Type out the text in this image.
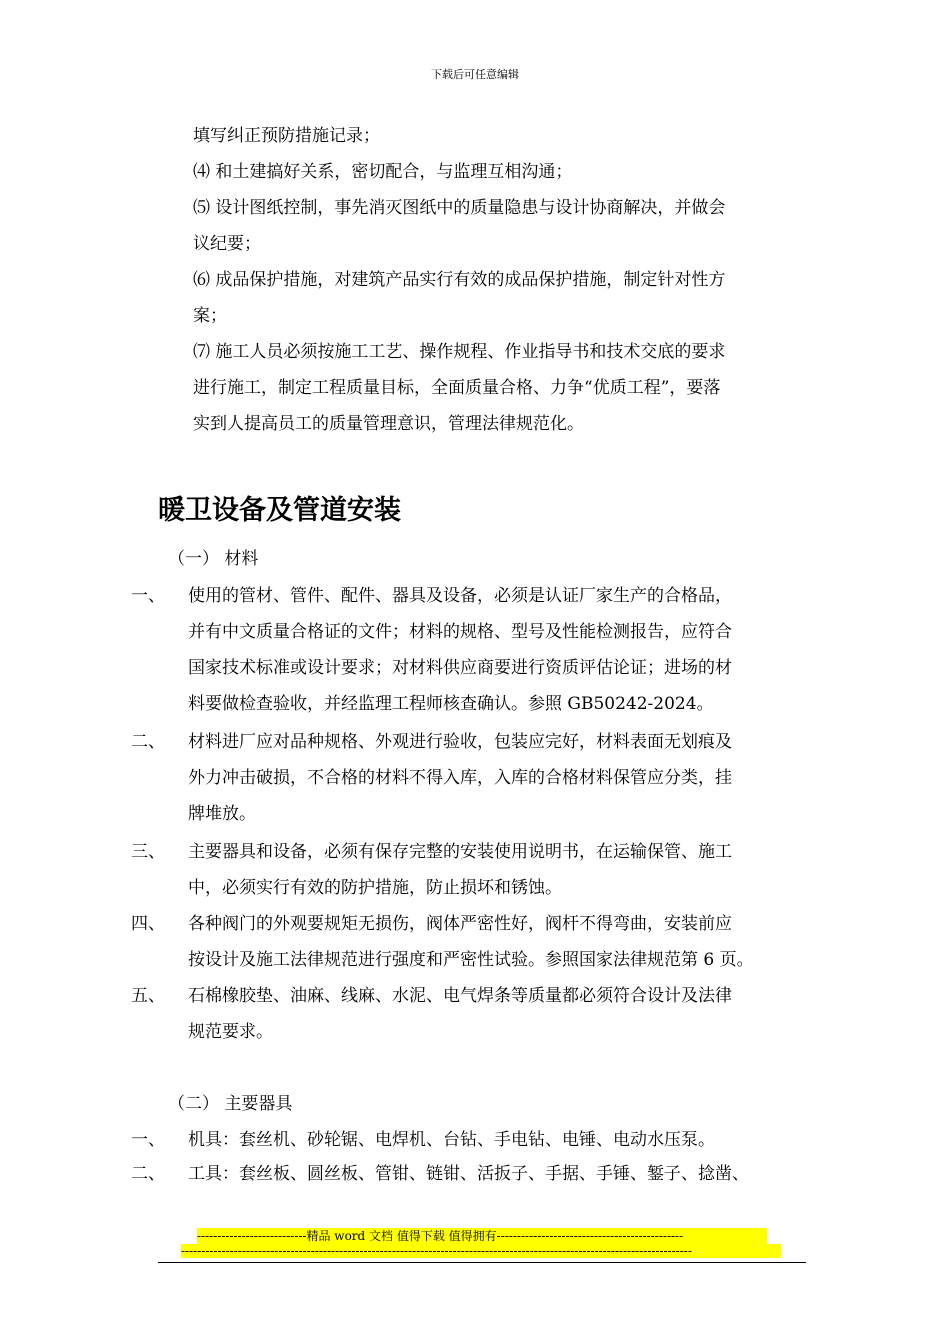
下载后可任意编辑
填写纠正预防措施记录；
⑷ 和土建搞好关系，密切配合，与监理互相沟通；
⑸ 设计图纸控制，事先消灭图纸中的质量隐患与设计协商解决，并做会
议纪要；
⑹ 成品保护措施，对建筑产品实行有效的成品保护措施，制定针对性方
案；
⑺ 施工人员必须按施工工艺、操作规程、作业指导书和技术交底的要求
进行施工，制定工程质量目标，全面质量合格、力争“优质工程”，要落
实到人提高员工的质量管理意识，管理法律规范化。
暖卫设备及管道安装
（一） 材料
一、 使用的管材、管件、配件、器具及设备，必须是认证厂家生产的合格品，
并有中文质量合格证的文件；材料的规格、型号及性能检测报告，应符合
国家技术标准或设计要求；对材料供应商要进行资质评估论证；进场的材
料要做检查验收，并经监理工程师核查确认。参照 GB50242-2024。
二、 材料进厂应对品种规格、外观进行验收，包装应完好，材料表面无划痕及
外力冲击破损，不合格的材料不得入库，入库的合格材料保管应分类，挂
牌堆放。
三、 主要器具和设备，必须有保存完整的安装使用说明书，在运输保管、施工
中，必须实行有效的防护措施，防止损坏和锈蚀。
四、 各种阀门的外观要规矩无损伤，阀体严密性好，阀杆不得弯曲，安装前应
按设计及施工法律规范进行强度和严密性试验。参照国家法律规范第 6 页。
五、 石棉橡胶垫、油麻、线麻、水泥、电气焊条等质量都必须符合设计及法律
规范要求。
（二） 主要器具
一、 机具：套丝机、砂轮锯、电焊机、台钻、手电钻、电锤、电动水压泵。
二、 工具：套丝板、圆丝板、管钳、链钳、活扳子、手据、手锤、錾子、捻凿、
---------------------------精品 word 文档 值得下载 值得拥有----------------------------------------------
------------------------------------------------------------------------------------------------------------------------------
